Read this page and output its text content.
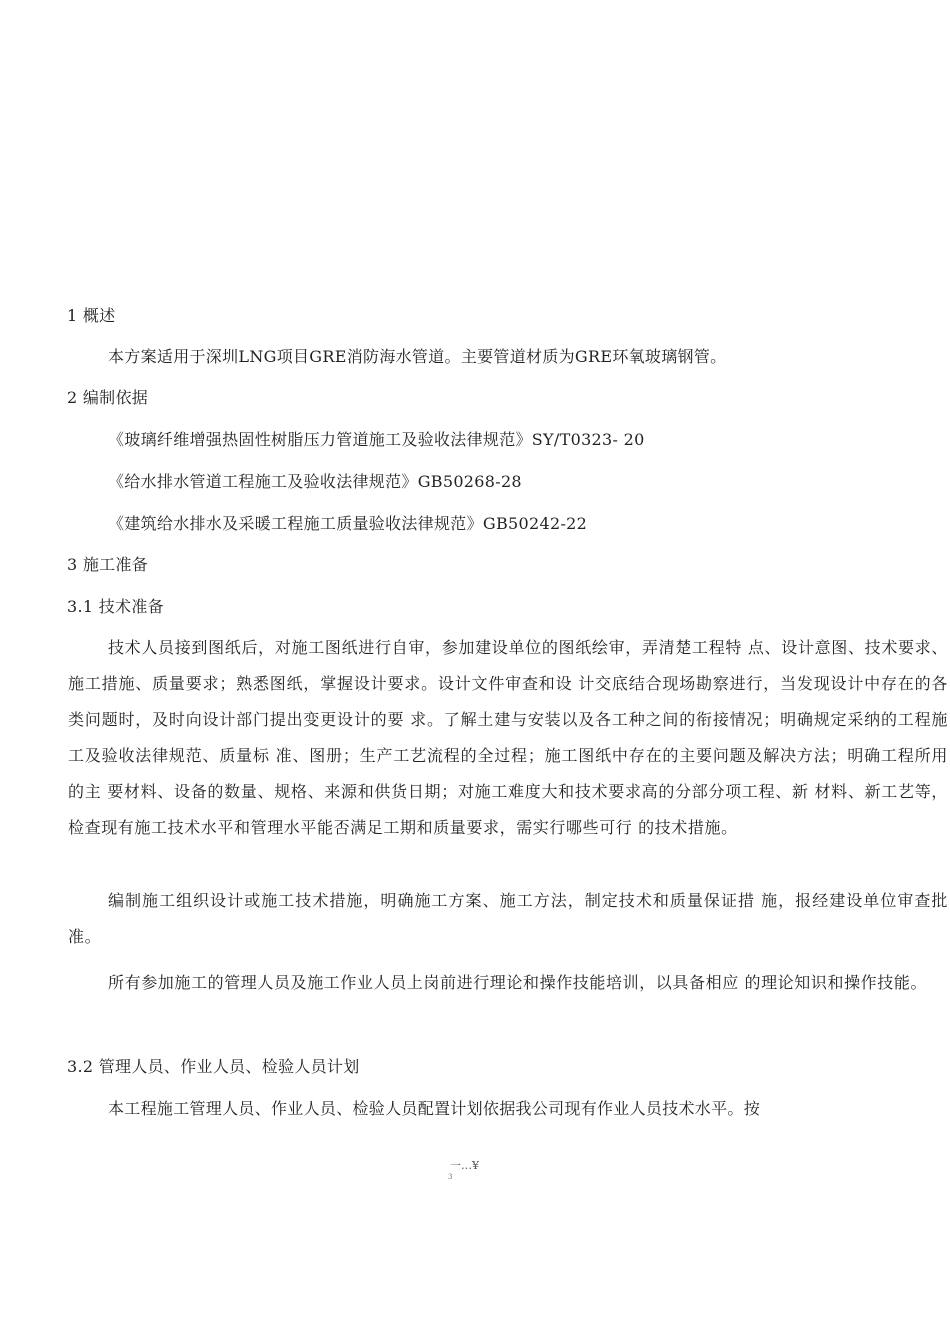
1 概述
本方案适用于深圳LNG项目GRE消防海水管道。主要管道材质为GRE环氧玻璃钢管。
2 编制依据
《玻璃纤维增强热固性树脂压力管道施工及验收法律规范》SY/T0323- 20
《给水排水管道工程施工及验收法律规范》GB50268-28
《建筑给水排水及采暖工程施工质量验收法律规范》GB50242-22
3 施工准备
3.1 技术准备

技术人员接到图纸后，对施工图纸进行自审，参加建设单位的图纸绘审，弄清楚工程特 点、设计意图、技术要求、施工措施、质量要求；熟悉图纸，掌握设计要求。设计文件审查和设 计交底结合现场勘察进行，当发现设计中存在的各类问题时，及时向设计部门提出变更设计的要 求。了解土建与安装以及各工种之间的衔接情况；明确规定采纳的工程施工及验收法律规范、质量标 准、图册；生产工艺流程的全过程；施工图纸中存在的主要问题及解决方法；明确工程所用的主 要材料、设备的数量、规格、来源和供货日期；对施工难度大和技术要求高的分部分项工程、新 材料、新工艺等，检查现有施工技术水平和管理水平能否满足工期和质量要求，需实行哪些可行 的技术措施。

编制施工组织设计或施工技术措施，明确施工方案、施工方法，制定技术和质量保证措 施，报经建设单位审查批准。

所有参加施工的管理人员及施工作业人员上岗前进行理论和操作技能培训，以具备相应 的理论知识和操作技能。

3.2 管理人员、作业人员、检验人员计划
本工程施工管理人员、作业人员、检验人员配置计划依据我公司现有作业人员技术水平。按
一…¥
3
